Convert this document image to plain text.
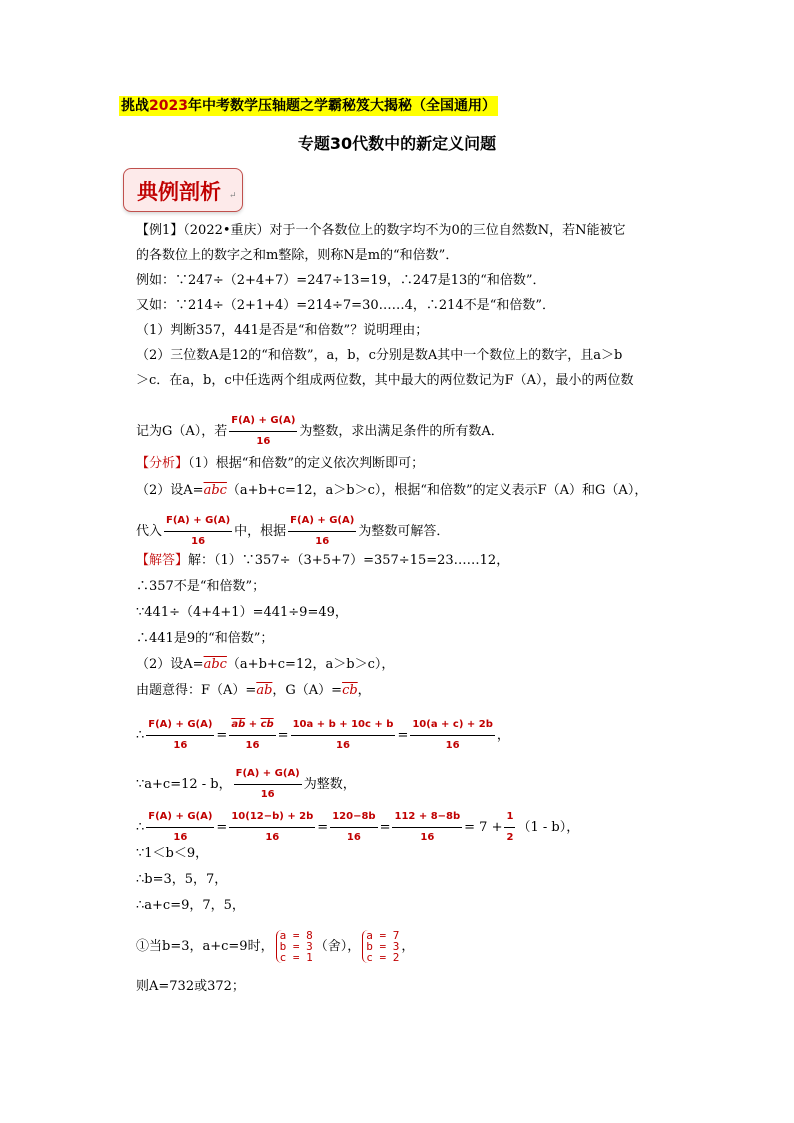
挑战2023年中考数学压轴题之学霸秘笈大揭秘（全国通用）
专题30代数中的新定义问题
典例剖析 ↵
【例1】（2022•重庆）对于一个各数位上的数字均不为0的三位自然数N，若N能被它
的各数位上的数字之和m整除，则称N是m的“和倍数”．
例如：∵247÷（2+4+7）=247÷13=19，∴247是13的“和倍数”．
又如：∵214÷（2+1+4）=214÷7=30……4，∴214不是“和倍数”．
（1）判断357，441是否是“和倍数”？说明理由；
（2）三位数A是12的“和倍数”，a，b，c分别是数A其中一个数位上的数字，且a＞b
＞c．在a，b，c中任选两个组成两位数，其中最大的两位数记为F（A），最小的两位数
记为G（A），若 $\frac{F(A) + G(A)}{16}$ 为整数，求出满足条件的所有数A．
【分析】（1）根据“和倍数”的定义依次判断即可；
（2）设$A=\overline{abc}(a+b+c=12$，a＞b＞c），根据“和倍数”的定义表示F（A）和G（A），
代入 $\frac{F(A) + G(A)}{16}$ 中，根据 $\frac{F(A) + G(A)}{16}$ 为整数可解答．
【解答】解：（1）∵357÷（3+5+7）=357÷15=23……12，
∴357不是“和倍数”；
∵441÷（4+4+1）=441÷9=49，
∴441是9的“和倍数”；
（2）设$A=\overline{abc}(a+b+c=12$，a＞b＞c），
由题意得：$F(A)=\overline{ab}$，$G(A)=\overline{cb}$，
∴ $\frac{F(A) + G(A)}{16} = \frac{\overline{ab} + \overline{cb}}{16} = \frac{10a + b + 10c + b}{16} = \frac{10(a + c) + 2b}{16}$ ，
∵a+c=12 - b， $\frac{F(A) + G(A)}{16}$ 为整数，
∴ $\frac{F(A) + G(A)}{16} = \frac{10(12-b) + 2b}{16} = \frac{120-8b}{16} = \frac{112 + 8-8b}{16} = 7 + \frac{1}{2} (1 - b)$，
∵1＜b＜9，
∴b=3，5，7，
∴a+c=9，7，5，
①当b=3，a+c=9时，
a = 8
b = 3
c = 1
（舍），
a = 7
b = 3
c = 2
，
则A=732或372；
